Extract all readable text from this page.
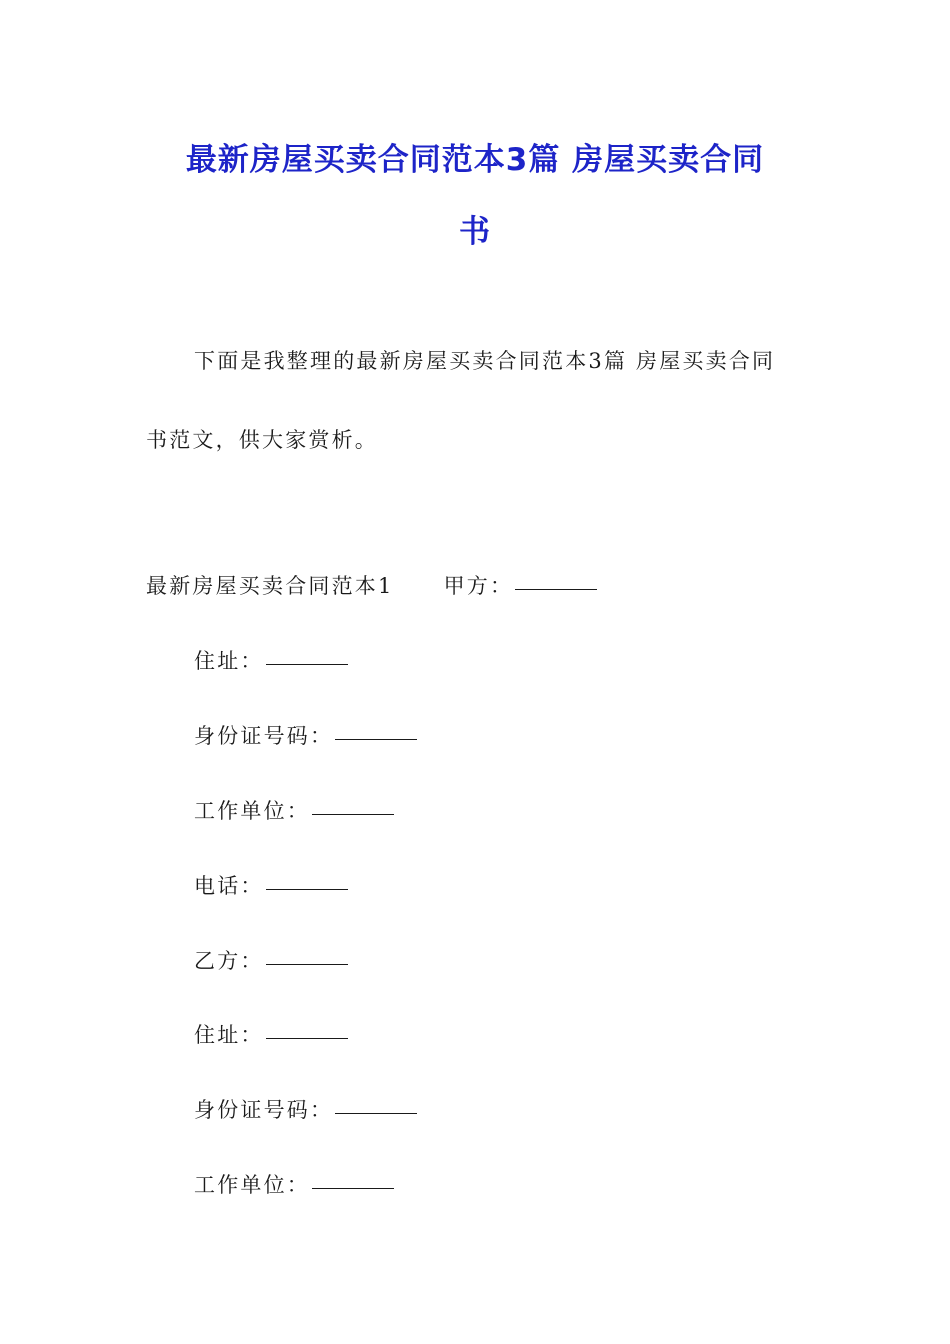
最新房屋买卖合同范本3篇 房屋买卖合同
书
下面是我整理的最新房屋买卖合同范本3篇 房屋买卖合同
书范文，供大家赏析。
最新房屋买卖合同范本1 甲方：
住址：
身份证号码：
工作单位：
电话：
乙方：
住址：
身份证号码：
工作单位：
